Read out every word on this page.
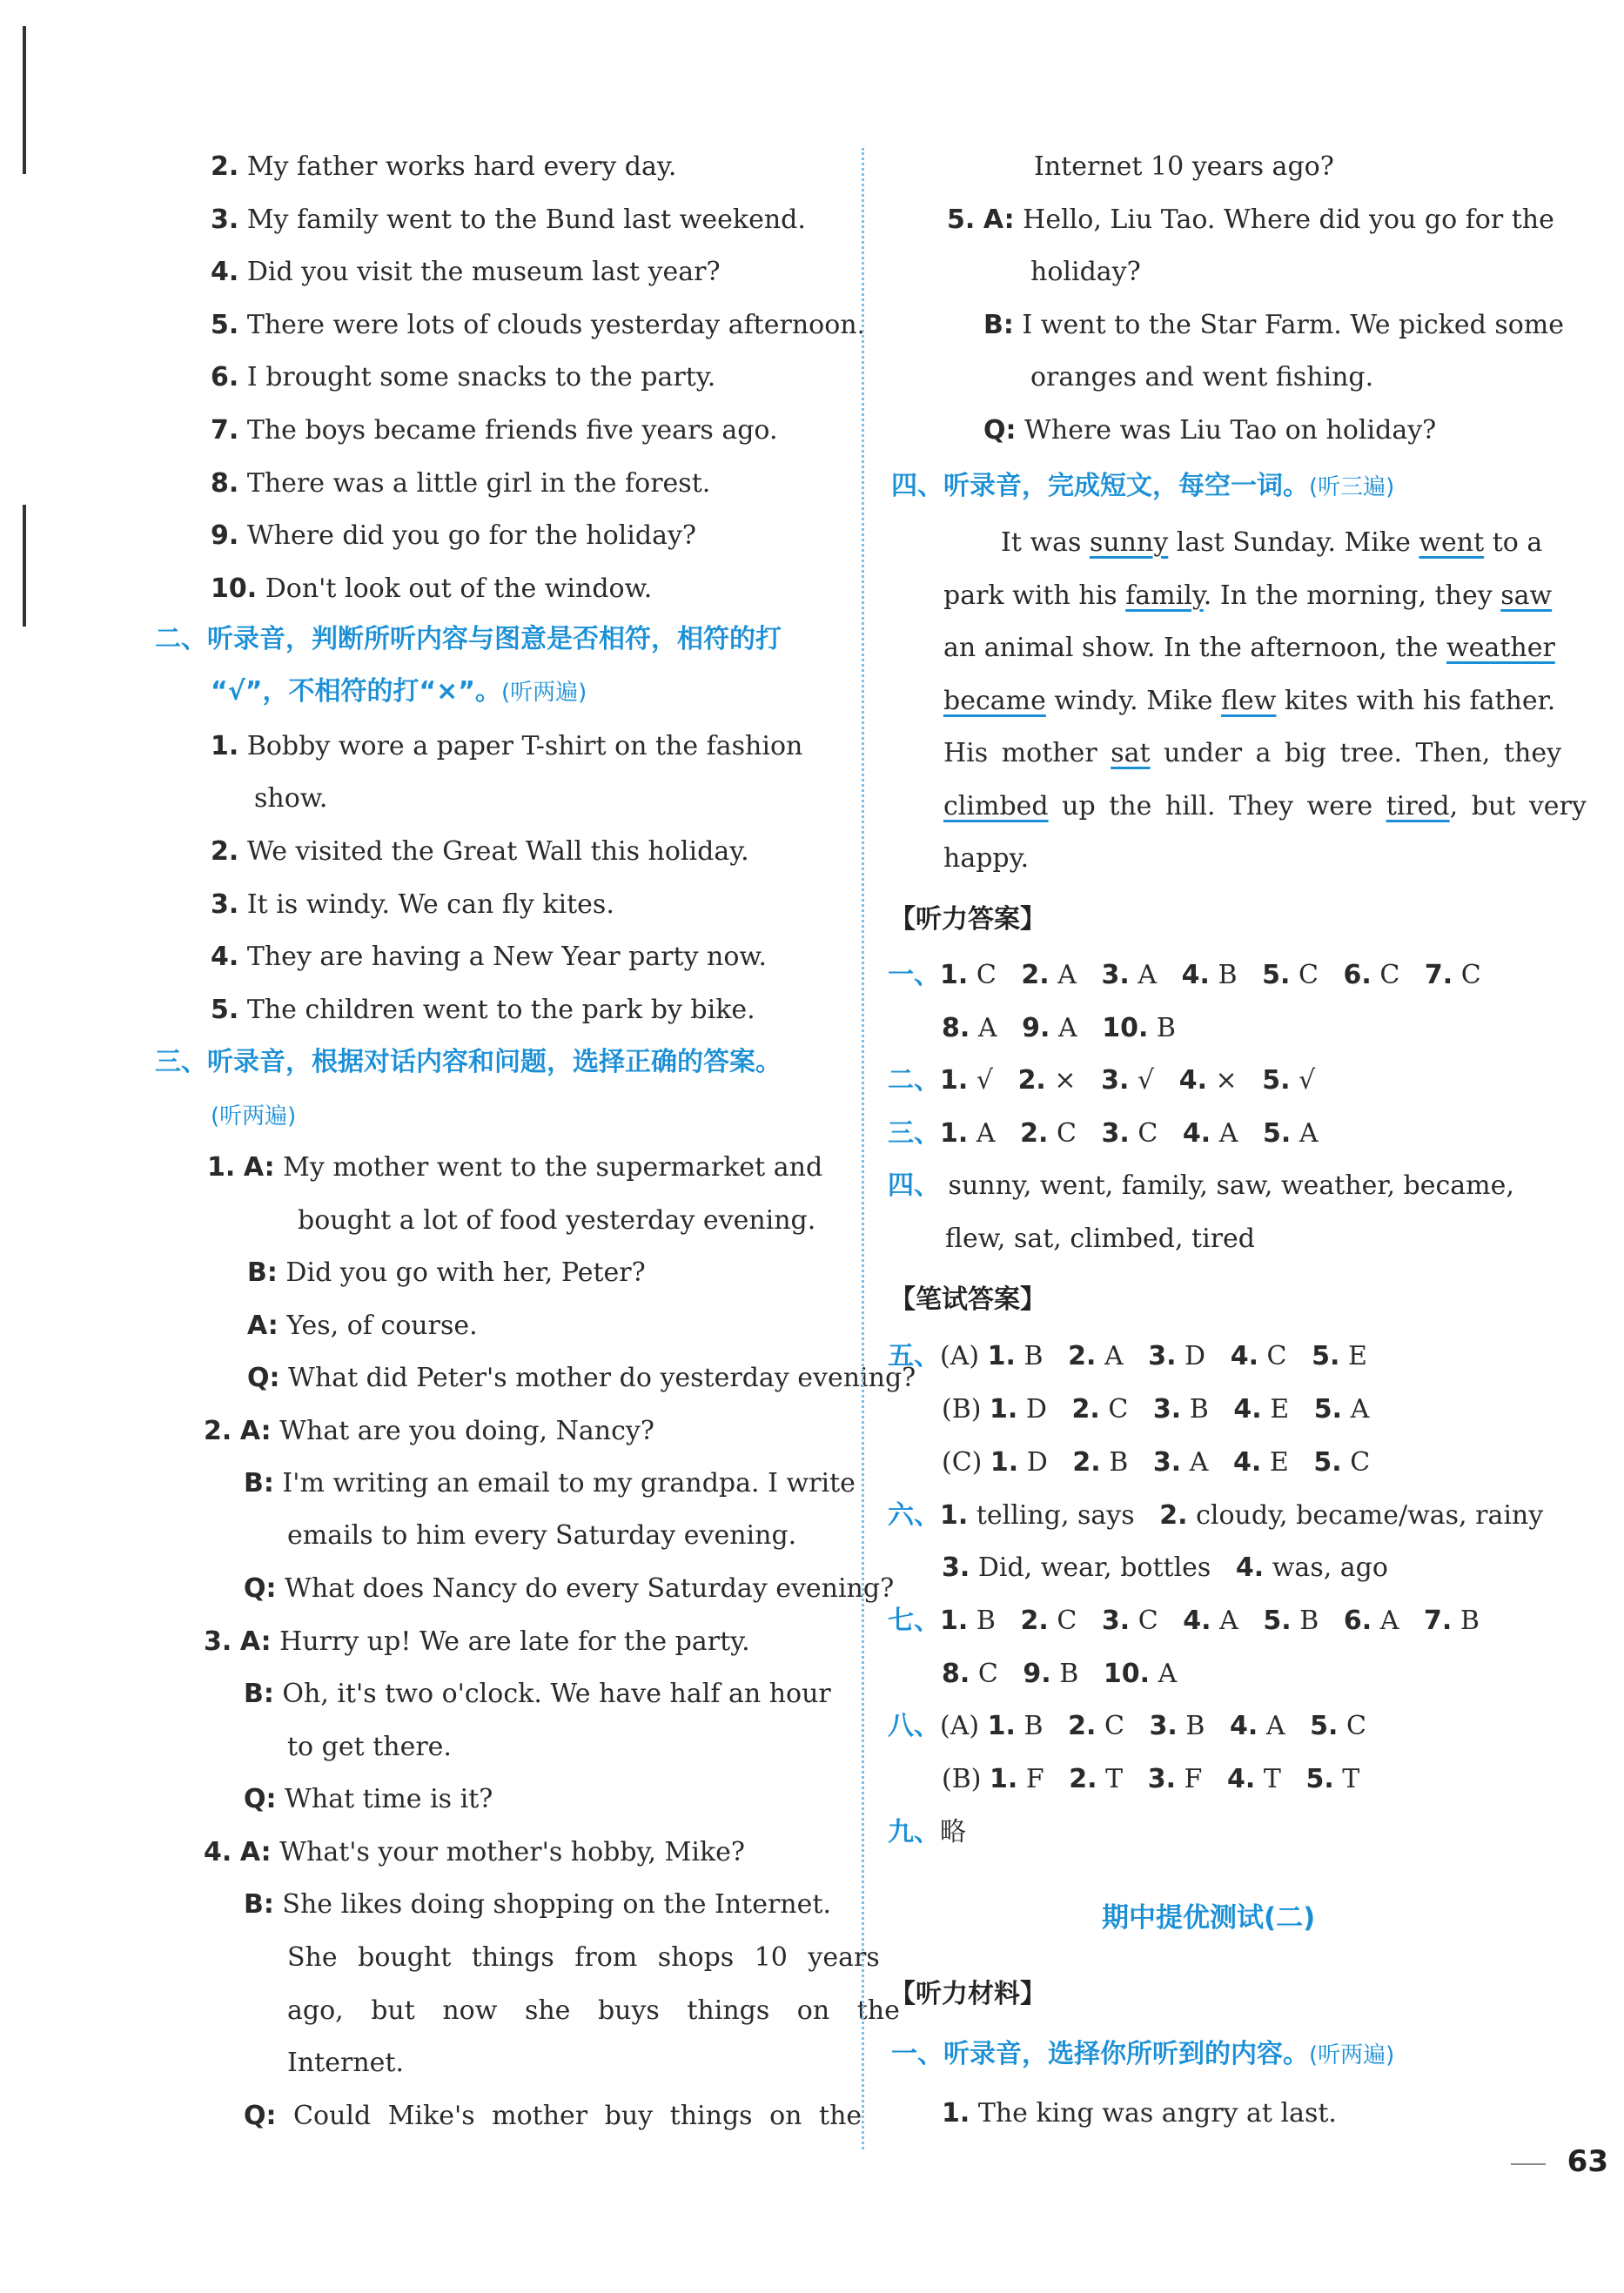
2. My father works hard every day.
3. My family went to the Bund last weekend.
4. Did you visit the museum last year?
5. There were lots of clouds yesterday afternoon.
6. I brought some snacks to the party.
7. The boys became friends five years ago.
8. There was a little girl in the forest.
9. Where did you go for the holiday?
10. Don't look out of the window.
二、听录音，判断所听内容与图意是否相符，相符的打
“√”，不相符的打“×”。(听两遍)
1. Bobby wore a paper T-shirt on the fashion
show.
2. We visited the Great Wall this holiday.
3. It is windy. We can fly kites.
4. They are having a New Year party now.
5. The children went to the park by bike.
三、听录音，根据对话内容和问题，选择正确的答案。
(听两遍)
1. A: My mother went to the supermarket and
bought a lot of food yesterday evening.
B: Did you go with her, Peter?
A: Yes, of course.
Q: What did Peter's mother do yesterday evening?
2. A: What are you doing, Nancy?
B: I'm writing an email to my grandpa. I write
emails to him every Saturday evening.
Q: What does Nancy do every Saturday evening?
3. A: Hurry up! We are late for the party.
B: Oh, it's two o'clock. We have half an hour
to get there.
Q: What time is it?
4. A: What's your mother's hobby, Mike?
B: She likes doing shopping on the Internet.
She bought things from shops 10 years
ago, but now she buys things on the
Internet.
Q: Could Mike's mother buy things on the
Internet 10 years ago?
5. A: Hello, Liu Tao. Where did you go for the
holiday?
B: I went to the Star Farm. We picked some
oranges and went fishing.
Q: Where was Liu Tao on holiday?
四、听录音，完成短文，每空一词。(听三遍)
It was sunny last Sunday. Mike went to a
park with his family. In the morning, they saw
an animal show. In the afternoon, the weather
became windy. Mike flew kites with his father.
His mother sat under a big tree. Then, they
climbed up the hill. They were tired, but very
happy.
【听力答案】
一、1. C 2. A 3. A 4. B 5. C 6. C 7. C
8. A 9. A 10. B
二、1. √ 2. × 3. √ 4. × 5. √
三、1. A 2. C 3. C 4. A 5. A
四、 sunny, went, family, saw, weather, became,
flew, sat, climbed, tired
【笔试答案】
五、(A) 1. B 2. A 3. D 4. C 5. E
(B) 1. D 2. C 3. B 4. E 5. A
(C) 1. D 2. B 3. A 4. E 5. C
六、1. telling, says 2. cloudy, became/was, rainy
3. Did, wear, bottles 4. was, ago
七、1. B 2. C 3. C 4. A 5. B 6. A 7. B
8. C 9. B 10. A
八、(A) 1. B 2. C 3. B 4. A 5. C
(B) 1. F 2. T 3. F 4. T 5. T
九、略
期中提优测试(二)
【听力材料】
一、听录音，选择你所听到的内容。(听两遍)
1. The king was angry at last.
63
